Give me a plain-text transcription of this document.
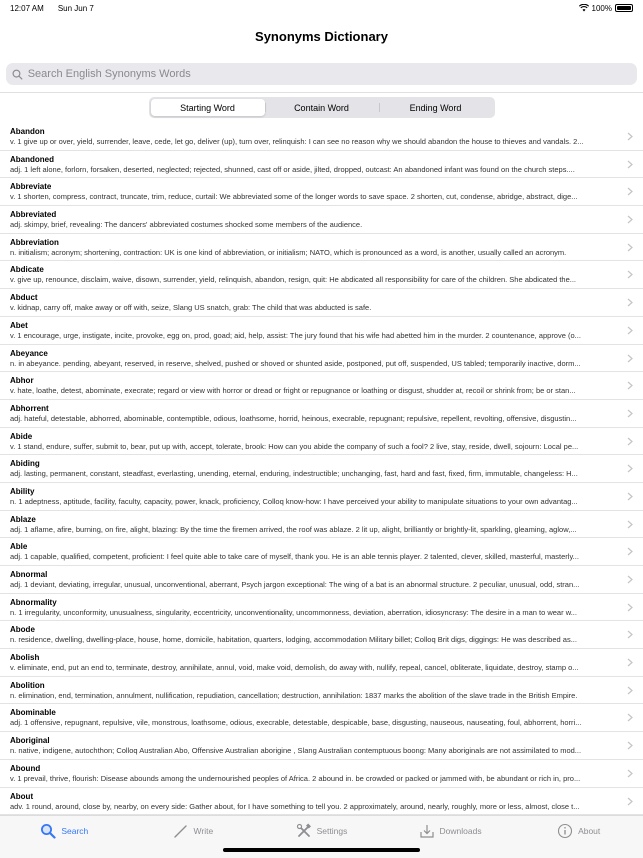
12:07 AM Sun Jun 7	100%
Synonyms Dictionary
Search English Synonyms Words
Starting Word	Contain Word	Ending Word
Abandon
v. 1 give up or over, yield, surrender, leave, cede, let go, deliver (up), turn over, relinquish: I can see no reason why we should abandon the house to thieves and vandals. 2...
Abandoned
adj. 1 left alone, forlorn, forsaken, deserted, neglected; rejected, shunned, cast off or aside, jilted, dropped, outcast: An abandoned infant was found on the church steps....
Abbreviate
v. 1 shorten, compress, contract, truncate, trim, reduce, curtail: We abbreviated some of the longer words to save space. 2 shorten, cut, condense, abridge, abstract, dige...
Abbreviated
adj. skimpy, brief, revealing: The dancers' abbreviated costumes shocked some members of the audience.
Abbreviation
n. initialism; acronym; shortening, contraction: UK is one kind of abbreviation, or initialism; NATO, which is pronounced as a word, is another, usually called an acronym.
Abdicate
v. give up, renounce, disclaim, waive, disown, surrender, yield, relinquish, abandon, resign, quit: He abdicated all responsibility for care of the children. She abdicated the...
Abduct
v. kidnap, carry off, make away or off with, seize, Slang US snatch, grab: The child that was abducted is safe.
Abet
v. 1 encourage, urge, instigate, incite, provoke, egg on, prod, goad; aid, help, assist: The jury found that his wife had abetted him in the murder. 2 countenance, approve (o...
Abeyance
n. in abeyance. pending, abeyant, reserved, in reserve, shelved, pushed or shoved or shunted aside, postponed, put off, suspended, US tabled; temporarily inactive, dorm...
Abhor
v. hate, loathe, detest, abominate, execrate; regard or view with horror or dread or fright or repugnance or loathing or disgust, shudder at, recoil or shrink from; be or stan...
Abhorrent
adj. hateful, detestable, abhorred, abominable, contemptible, odious, loathsome, horrid, heinous, execrable, repugnant; repulsive, repellent, revolting, offensive, disgustin...
Abide
v. 1 stand, endure, suffer, submit to, bear, put up with, accept, tolerate, brook: How can you abide the company of such a fool? 2 live, stay, reside, dwell, sojourn: Local pe...
Abiding
adj. lasting, permanent, constant, steadfast, everlasting, unending, eternal, enduring, indestructible; unchanging, fast, hard and fast, fixed, firm, immutable, changeless: H...
Ability
n. 1 adeptness, aptitude, facility, faculty, capacity, power, knack, proficiency, Colloq know-how: I have perceived your ability to manipulate situations to your own advantag...
Ablaze
adj. 1 aflame, afire, burning, on fire, alight, blazing: By the time the firemen arrived, the roof was ablaze. 2 lit up, alight, brilliantly or brightly-lit, sparkling, gleaming, aglow,...
Able
adj. 1 capable, qualified, competent, proficient: I feel quite able to take care of myself, thank you. He is an able tennis player. 2 talented, clever, skilled, masterful, masterly...
Abnormal
adj. 1 deviant, deviating, irregular, unusual, unconventional, aberrant, Psych jargon exceptional: The wing of a bat is an abnormal structure. 2 peculiar, unusual, odd, stran...
Abnormality
n. 1 irregularity, unconformity, unusualness, singularity, eccentricity, unconventionality, uncommonness, deviation, aberration, idiosyncrasy: The desire in a man to wear w...
Abode
n. residence, dwelling, dwelling-place, house, home, domicile, habitation, quarters, lodging, accommodation Military billet; Colloq Brit digs, diggings: He was described as...
Abolish
v. eliminate, end, put an end to, terminate, destroy, annihilate, annul, void, make void, demolish, do away with, nullify, repeal, cancel, obliterate, liquidate, destroy, stamp o...
Abolition
n. elimination, end, termination, annulment, nullification, repudiation, cancellation; destruction, annihilation: 1837 marks the abolition of the slave trade in the British Empire.
Abominable
adj. 1 offensive, repugnant, repulsive, vile, monstrous, loathsome, odious, execrable, detestable, despicable, base, disgusting, nauseous, nauseating, foul, abhorrent, horri...
Aboriginal
n. native, indigene, autochthon; Colloq Australian Abo, Offensive Australian aborigine , Slang Australian contemptuous boong: Many aboriginals are not assimilated to mod...
Abound
v. 1 prevail, thrive, flourish: Disease abounds among the undernourished peoples of Africa. 2 abound in. be crowded or packed or jammed with, be abundant or rich in, pro...
About
adv. 1 round, around, close by, nearby, on every side: Gather about, for I have something to tell you. 2 approximately, around, nearly, roughly, more or less, almost, close t...
Search	Write	Settings	Downloads	About
